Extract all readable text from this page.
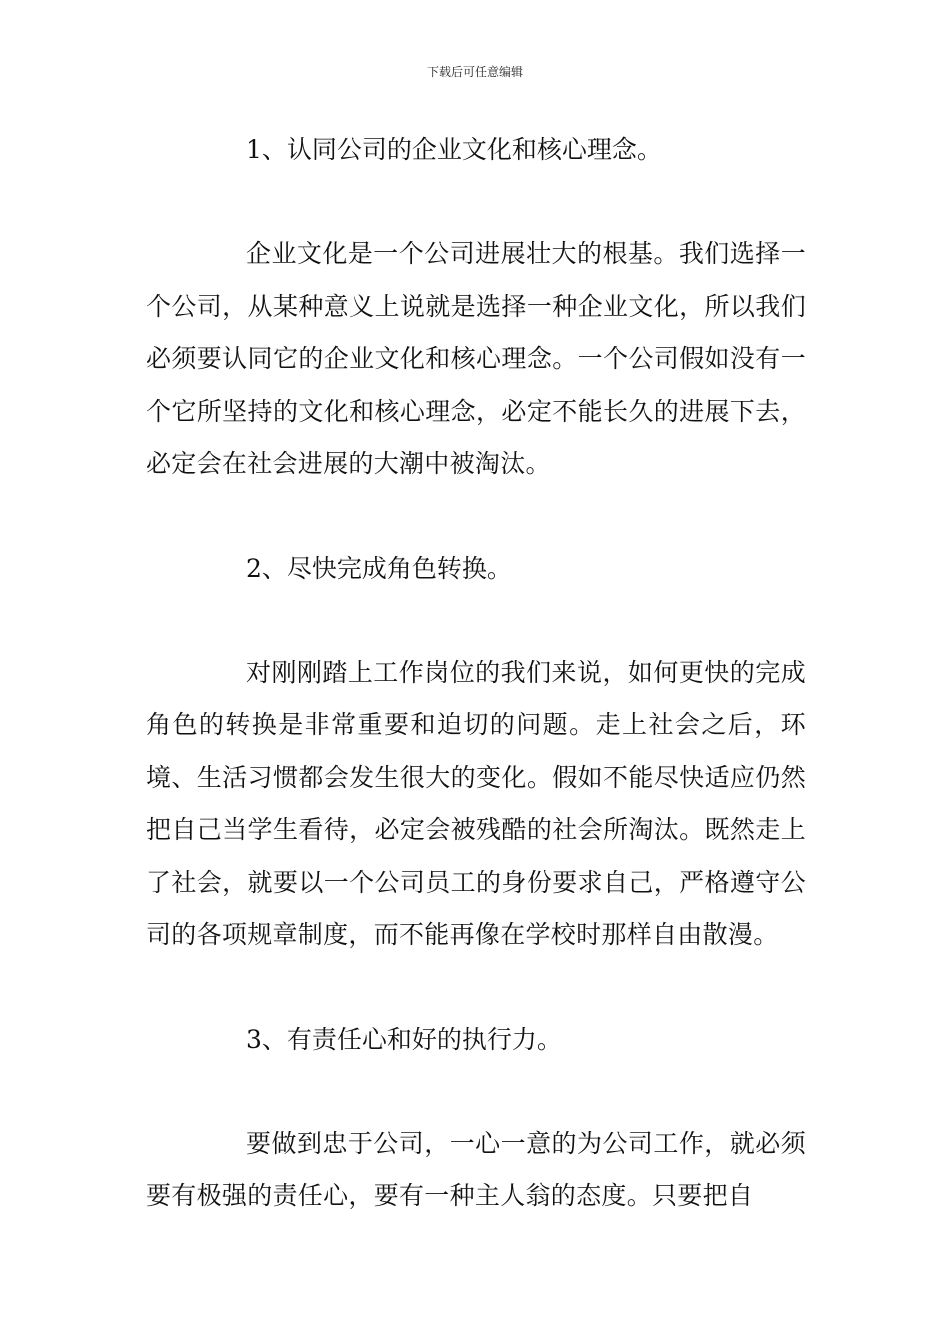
下载后可任意编辑

1、认同公司的企业文化和核心理念。

企业文化是一个公司进展壮大的根基。我们选择一个公司，从某种意义上说就是选择一种企业文化，所以我们必须要认同它的企业文化和核心理念。一个公司假如没有一个它所坚持的文化和核心理念，必定不能长久的进展下去，必定会在社会进展的大潮中被淘汰。

2、尽快完成角色转换。

对刚刚踏上工作岗位的我们来说，如何更快的完成角色的转换是非常重要和迫切的问题。走上社会之后，环境、生活习惯都会发生很大的变化。假如不能尽快适应仍然把自己当学生看待，必定会被残酷的社会所淘汰。既然走上了社会，就要以一个公司员工的身份要求自己，严格遵守公司的各项规章制度，而不能再像在学校时那样自由散漫。

3、有责任心和好的执行力。

要做到忠于公司，一心一意的为公司工作，就必须要有极强的责任心，要有一种主人翁的态度。只要把自
